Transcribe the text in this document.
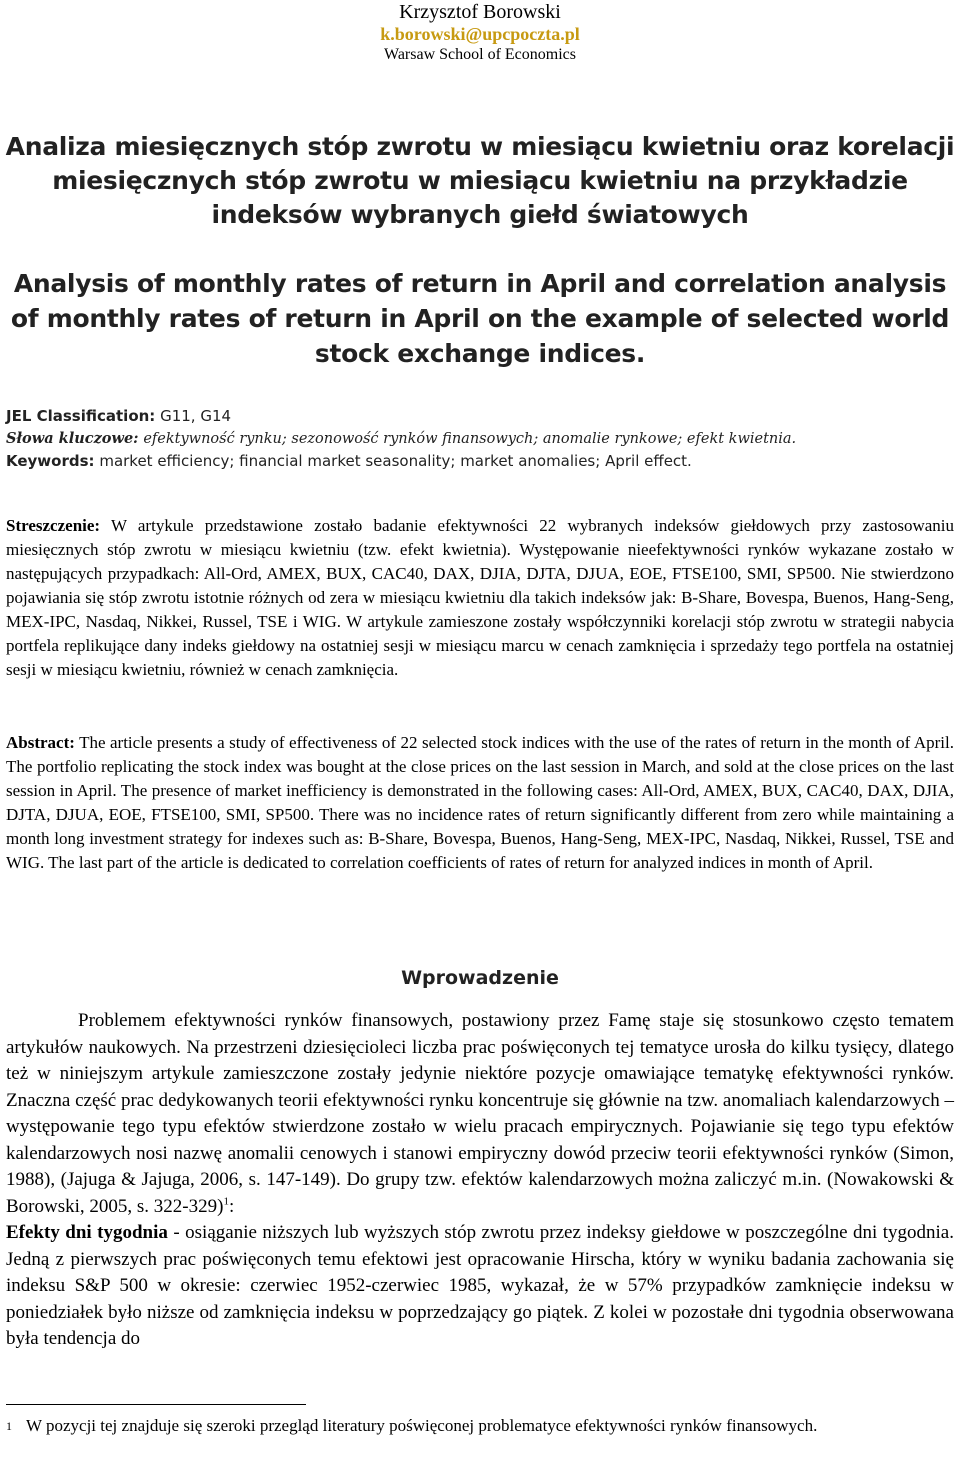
Krzysztof Borowski
k.borowski@upcpoczta.pl
Warsaw School of Economics
Analiza miesięcznych stóp zwrotu w miesiącu kwietniu oraz korelacji miesięcznych stóp zwrotu w miesiącu kwietniu na przykładzie indeksów wybranych giełd światowych
Analysis of monthly rates of return in April and correlation analysis of monthly rates of return in April on the example of selected world stock exchange indices.
JEL Classification: G11, G14
Słowa kluczowe: efektywność rynku; sezonowość rynków finansowych; anomalie rynkowe; efekt kwietnia.
Keywords: market efficiency; financial market seasonality; market anomalies; April effect.
Streszczenie: W artykule przedstawione zostało badanie efektywności 22 wybranych indeksów giełdowych przy zastosowaniu miesięcznych stóp zwrotu w miesiącu kwietniu (tzw. efekt kwietnia). Występowanie nieefektywności rynków wykazane zostało w następujących przypadkach: All-Ord, AMEX, BUX, CAC40, DAX, DJIA, DJTA, DJUA, EOE, FTSE100, SMI, SP500. Nie stwierdzono pojawiania się stóp zwrotu istotnie różnych od zera w miesiącu kwietniu dla takich indeksów jak: B-Share, Bovespa, Buenos, Hang-Seng, MEX-IPC, Nasdaq, Nikkei, Russel, TSE i WIG. W artykule zamieszone zostały współczynniki korelacji stóp zwrotu w strategii nabycia portfela replikujące dany indeks giełdowy na ostatniej sesji w miesiącu marcu w cenach zamknięcia i sprzedaży tego portfela na ostatniej sesji w miesiącu kwietniu, również w cenach zamknięcia.
Abstract: The article presents a study of effectiveness of 22 selected stock indices with the use of the rates of return in the month of April. The portfolio replicating the stock index was bought at the close prices on the last session in March, and sold at the close prices on the last session in April. The presence of market inefficiency is demonstrated in the following cases: All-Ord, AMEX, BUX, CAC40, DAX, DJIA, DJTA, DJUA, EOE, FTSE100, SMI, SP500. There was no incidence rates of return significantly different from zero while maintaining a month long investment strategy for indexes such as: B-Share, Bovespa, Buenos, Hang-Seng, MEX-IPC, Nasdaq, Nikkei, Russel, TSE and WIG. The last part of the article is dedicated to correlation coefficients of rates of return for analyzed indices in month of April.
Wprowadzenie

Problemem efektywności rynków finansowych, postawiony przez Famę staje się stosunkowo często tematem artykułów naukowych. Na przestrzeni dziesięcioleci liczba prac poświęconych tej tematyce urosła do kilku tysięcy, dlatego też w niniejszym artykule zamieszczone zostały jedynie niektóre pozycje omawiające tematykę efektywności rynków. Znaczna część prac dedykowanych teorii efektywności rynku koncentruje się głównie na tzw. anomaliach kalendarzowych – występowanie tego typu efektów stwierdzone zostało w wielu pracach empirycznych. Pojawianie się tego typu efektów kalendarzowych nosi nazwę anomalii cenowych i stanowi empiryczny dowód przeciw teorii efektywności rynków (Simon, 1988), (Jajuga & Jajuga, 2006, s. 147-149). Do grupy tzw. efektów kalendarzowych można zaliczyć m.in. (Nowakowski & Borowski, 2005, s. 322-329)$^1$:

Efekty dni tygodnia - osiąganie niższych lub wyższych stóp zwrotu przez indeksy giełdowe w poszczególne dni tygodnia. Jedną z pierwszych prac poświęconych temu efektowi jest opracowanie Hirscha, który w wyniku badania zachowania się indeksu S&P 500 w okresie: czerwiec 1952-czerwiec 1985, wykazał, że w 57% przypadków zamknięcie indeksu w poniedziałek było niższe od zamknięcia indeksu w poprzedzający go piątek. Z kolei w pozostałe dni tygodnia obserwowana była tendencja do

$^1$ W pozycji tej znajduje się szeroki przegląd literatury poświęconej problematyce efektywności rynków finansowych.
